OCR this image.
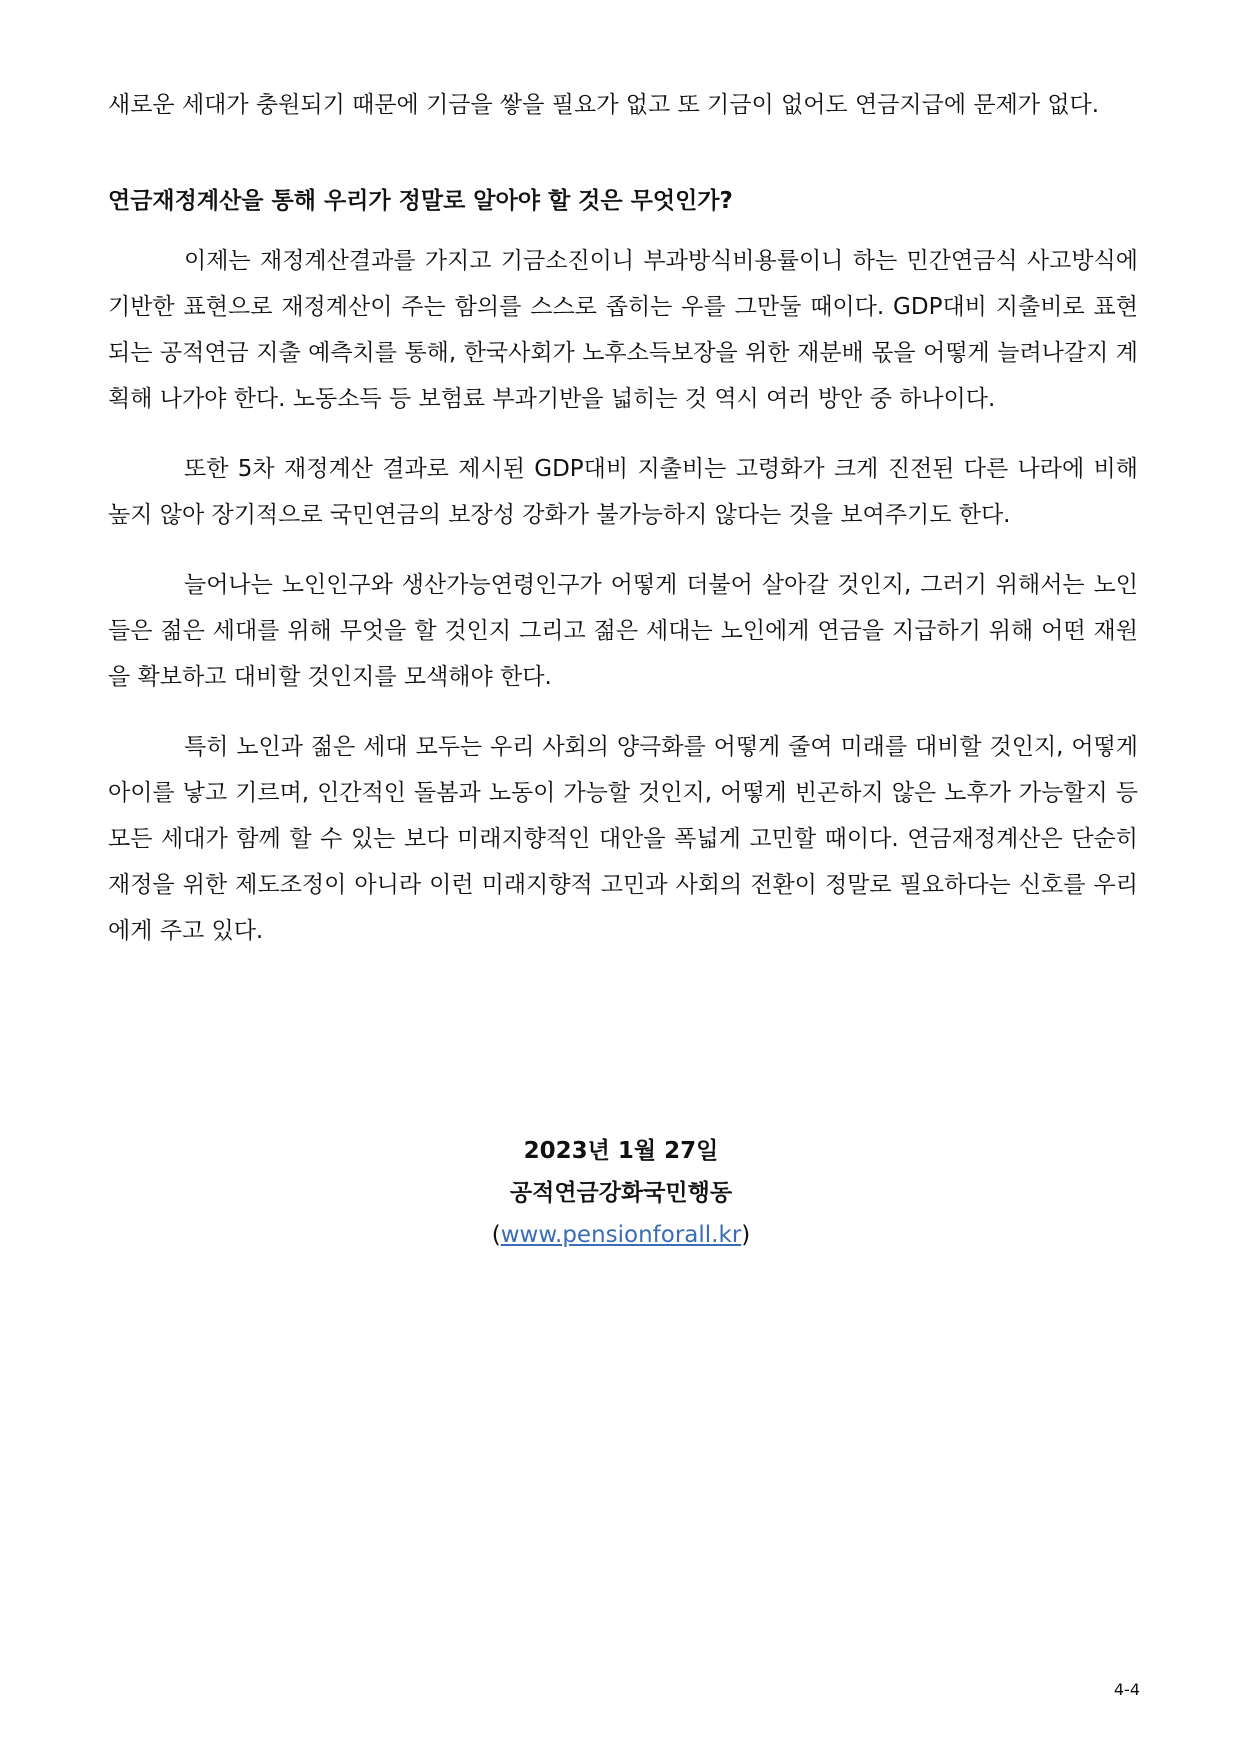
새로운 세대가 충원되기 때문에 기금을 쌓을 필요가 없고 또 기금이 없어도 연금지급에 문제가 없다.

연금재정계산을 통해 우리가 정말로 알아야 할 것은 무엇인가?

이제는 재정계산결과를 가지고 기금소진이니 부과방식비용률이니 하는 민간연금식 사고방식에 기반한 표현으로 재정계산이 주는 함의를 스스로 좁히는 우를 그만둘 때이다. GDP대비 지출비로 표현되는 공적연금 지출 예측치를 통해, 한국사회가 노후소득보장을 위한 재분배 몫을 어떻게 늘려나갈지 계획해 나가야 한다. 노동소득 등 보험료 부과기반을 넓히는 것 역시 여러 방안 중 하나이다.

또한 5차 재정계산 결과로 제시된 GDP대비 지출비는 고령화가 크게 진전된 다른 나라에 비해 높지 않아 장기적으로 국민연금의 보장성 강화가 불가능하지 않다는 것을 보여주기도 한다.

늘어나는 노인인구와 생산가능연령인구가 어떻게 더불어 살아갈 것인지, 그러기 위해서는 노인들은 젊은 세대를 위해 무엇을 할 것인지 그리고 젊은 세대는 노인에게 연금을 지급하기 위해 어떤 재원을 확보하고 대비할 것인지를 모색해야 한다.

특히 노인과 젊은 세대 모두는 우리 사회의 양극화를 어떻게 줄여 미래를 대비할 것인지, 어떻게 아이를 낳고 기르며, 인간적인 돌봄과 노동이 가능할 것인지, 어떻게 빈곤하지 않은 노후가 가능할지 등 모든 세대가 함께 할 수 있는 보다 미래지향적인 대안을 폭넓게 고민할 때이다. 연금재정계산은 단순히 재정을 위한 제도조정이 아니라 이런 미래지향적 고민과 사회의 전환이 정말로 필요하다는 신호를 우리에게 주고 있다.

2023년 1월 27일
공적연금강화국민행동
(www.pensionforall.kr)
4-4
